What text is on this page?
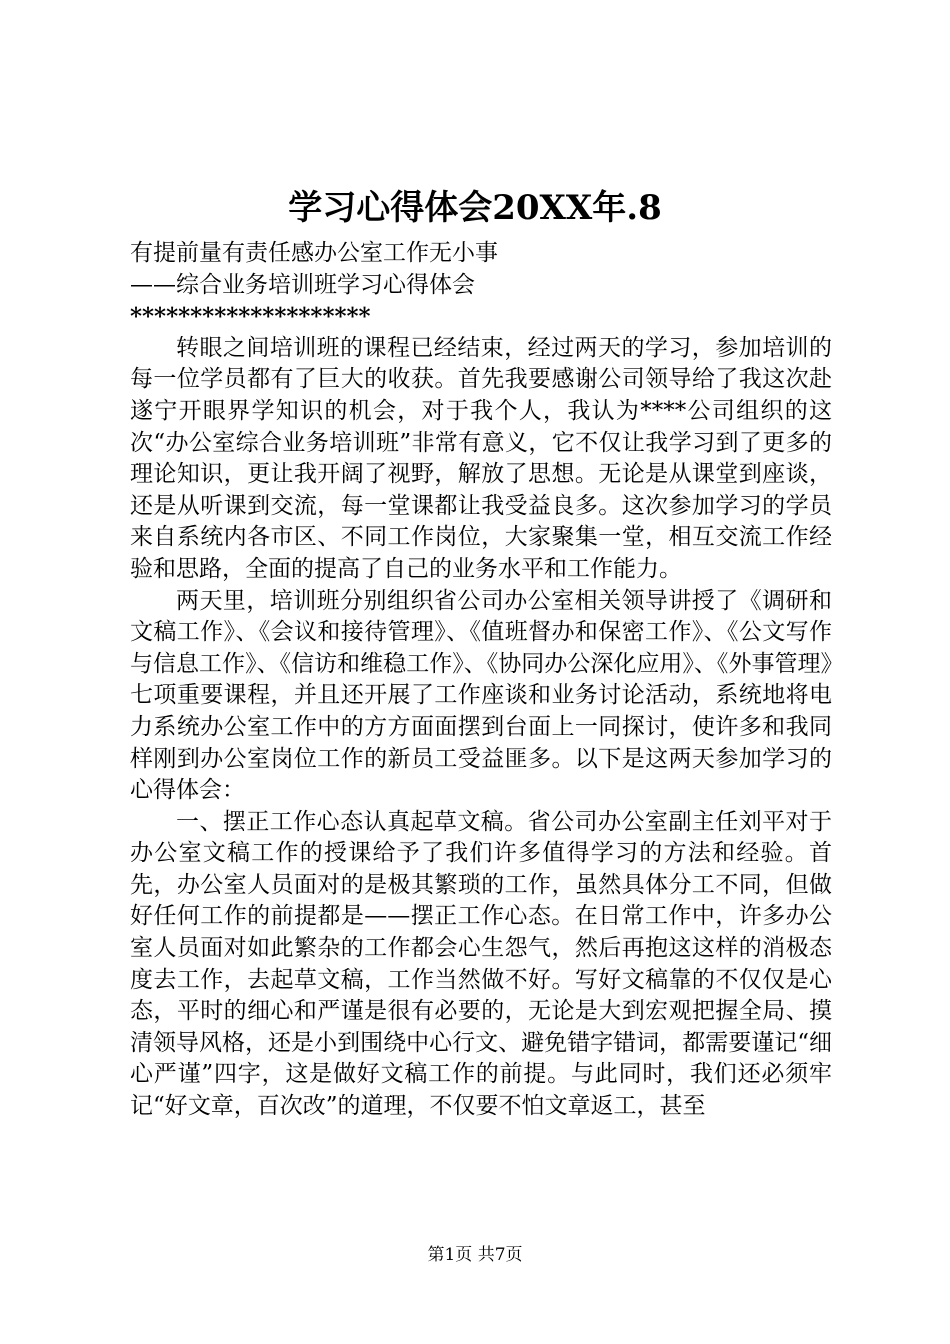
学习心得体会20XX年.8

有提前量有责任感办公室工作无小事

——综合业务培训班学习心得体会

********************

转眼之间培训班的课程已经结束，经过两天的学习，参加培训的每一位学员都有了巨大的收获。首先我要感谢公司领导给了我这次赴遂宁开眼界学知识的机会，对于我个人，我认为****公司组织的这次“办公室综合业务培训班”非常有意义，它不仅让我学习到了更多的理论知识，更让我开阔了视野，解放了思想。无论是从课堂到座谈，还是从听课到交流，每一堂课都让我受益良多。这次参加学习的学员来自系统内各市区、不同工作岗位，大家聚集一堂，相互交流工作经验和思路，全面的提高了自己的业务水平和工作能力。

两天里，培训班分别组织省公司办公室相关领导讲授了《调研和文稿工作》、《会议和接待管理》、《值班督办和保密工作》、《公文写作与信息工作》、《信访和维稳工作》、《协同办公深化应用》、《外事管理》七项重要课程，并且还开展了工作座谈和业务讨论活动，系统地将电力系统办公室工作中的方方面面摆到台面上一同探讨，使许多和我同样刚到办公室岗位工作的新员工受益匪多。以下是这两天参加学习的心得体会：

一、摆正工作心态认真起草文稿。省公司办公室副主任刘平对于办公室文稿工作的授课给予了我们许多值得学习的方法和经验。首先，办公室人员面对的是极其繁琐的工作，虽然具体分工不同，但做好任何工作的前提都是——摆正工作心态。在日常工作中，许多办公室人员面对如此繁杂的工作都会心生怨气，然后再抱这这样的消极态度去工作，去起草文稿，工作当然做不好。写好文稿靠的不仅仅是心态，平时的细心和严谨是很有必要的，无论是大到宏观把握全局、摸清领导风格，还是小到围绕中心行文、避免错字错词，都需要谨记“细心严谨”四字，这是做好文稿工作的前提。与此同时，我们还必须牢记“好文章，百次改”的道理，不仅要不怕文章返工，甚至

第1页 共7页
